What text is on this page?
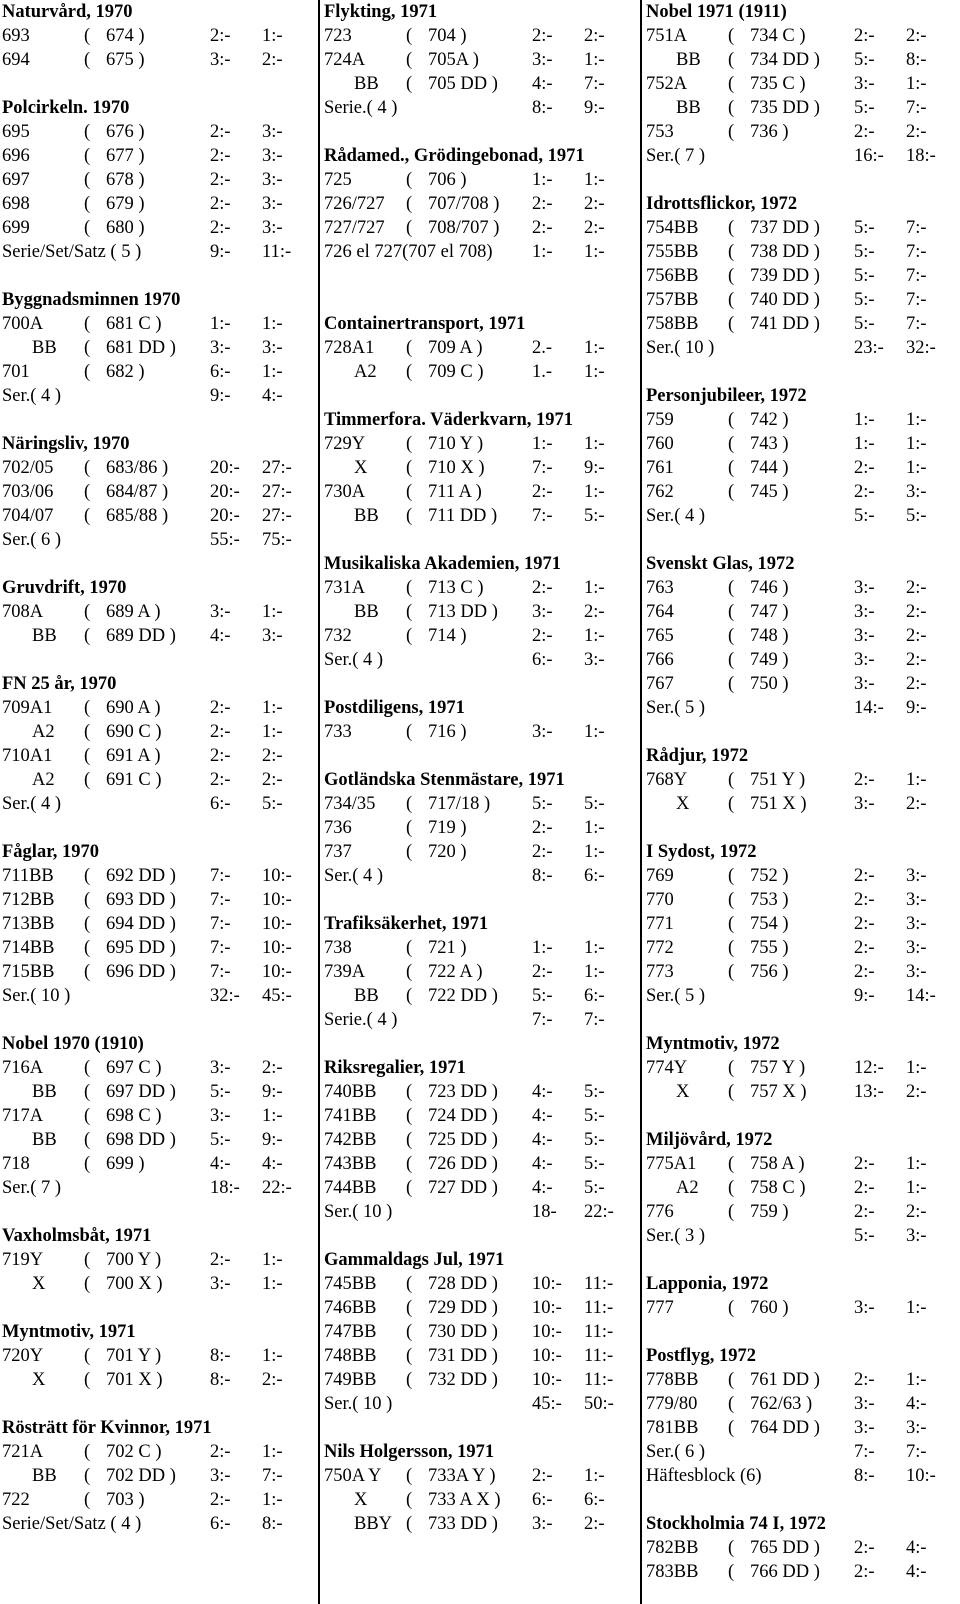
Naturvård, 1970
693	( 674 )	2:- 1:-
694	( 675 )	3:- 2:-
Polcirkeln. 1970
695	( 676 )	2:- 3:-
696	( 677 )	2:- 3:-
697	( 678 )	2:- 3:-
698	( 679 )	2:- 3:-
699	( 680 )	2:- 3:-
Serie/Set/Satz ( 5 )	9:- 11:-
Byggnadsminnen 1970
700A ( 681 C )	1:- 1:-
BB ( 681 DD ) 3:- 3:-
701	( 682 )	6:- 1:-
Ser.( 4 )	9:- 4:-
Näringsliv, 1970
702/05 ( 683/86 ) 20:- 27:-
703/06 ( 684/87 ) 20:- 27:-
704/07 ( 685/88 ) 20:- 27:-
Ser.( 6 )	55:- 75:-
Gruvdrift, 1970
708A ( 689 A )	3:- 1:-
BB ( 689 DD ) 4:- 3:-
FN 25 år, 1970
709A1 ( 690 A )	2:- 1:-
A2 ( 690 C )	2:- 1:-
710A1 ( 691 A )	2:- 2:-
A2 ( 691 C )	2:- 2:-
Ser.( 4 )	6:- 5:-
Fåglar, 1970
711BB ( 692 DD ) 7:- 10:-
712BB ( 693 DD ) 7:- 10:-
713BB ( 694 DD ) 7:- 10:-
714BB ( 695 DD ) 7:- 10:-
715BB ( 696 DD ) 7:- 10:-
Ser.( 10 )	32:- 45:-
Nobel 1970 (1910)
716A ( 697 C )	3:- 2:-
BB ( 697 DD ) 5:- 9:-
717A ( 698 C )	3:- 1:-
BB ( 698 DD ) 5:- 9:-
718	( 699 )	4:- 4:-
Ser.( 7 )	18:- 22:-
Vaxholmsbåt, 1971
719Y ( 700 Y )	2:- 1:-
X ( 700 X )	3:- 1:-
Myntmotiv, 1971
720Y ( 701 Y )	8:- 1:-
X ( 701 X )	8:- 2:-
Rösträtt för Kvinnor, 1971
721A ( 702 C )	2:- 1:-
BB ( 702 DD ) 3:- 7:-
722	( 703 )	2:- 1:-
Serie/Set/Satz ( 4 )	6:- 8:-
Flykting, 1971
723	( 704 )	2:- 2:-
724A ( 705A )	3:- 1:-
BB ( 705 DD ) 4:- 7:-
Serie.( 4 )	8:- 9:-
Rådamed., Grödingebonad, 1971
725	( 706 )	1:- 1:-
726/727 ( 707/708 ) 2:- 2:-
727/727 ( 708/707 ) 2:- 2:-
726 el 727(707 el 708) 1:- 1:-
Containertransport, 1971
728A1 ( 709 A )	2.- 1:-
A2 ( 709 C )	1.- 1:-
Timmerfora. Väderkvarn, 1971
729Y ( 710 Y )	1:- 1:-
X ( 710 X )	7:- 9:-
730A ( 711 A )	2:- 1:-
BB ( 711 DD ) 7:- 5:-
Musikaliska Akademien, 1971
731A ( 713 C )	2:- 1:-
BB ( 713 DD ) 3:- 2:-
732	( 714 )	2:- 1:-
Ser.( 4 )	6:- 3:-
Postdiligens, 1971
733	( 716 )	3:- 1:-
Gotländska Stenmästare, 1971
734/35 ( 717/18 ) 5:- 5:-
736	( 719 )	2:- 1:-
737	( 720 )	2:- 1:-
Ser.( 4 )	8:- 6:-
Trafiksäkerhet, 1971
738	( 721 )	1:- 1:-
739A ( 722 A )	2:- 1:-
BB ( 722 DD ) 5:- 6:-
Serie.( 4 )	7:- 7:-
Riksregalier, 1971
740BB ( 723 DD ) 4:- 5:-
741BB ( 724 DD ) 4:- 5:-
742BB ( 725 DD ) 4:- 5:-
743BB ( 726 DD ) 4:- 5:-
744BB ( 727 DD ) 4:- 5:-
Ser.( 10 )	18- 22:-
Gammaldags Jul, 1971
745BB ( 728 DD ) 10:- 11:-
746BB ( 729 DD ) 10:- 11:-
747BB ( 730 DD ) 10:- 11:-
748BB ( 731 DD ) 10:- 11:-
749BB ( 732 DD ) 10:- 11:-
Ser.( 10 )	45:- 50:-
Nils Holgersson, 1971
750A Y ( 733A Y ) 2:- 1:-
X ( 733 A X ) 6:- 6:-
BBY ( 733 DD ) 3:- 2:-
Nobel 1971 (1911)
751A ( 734 C )	2:- 2:-
BB ( 734 DD ) 5:- 8:-
752A ( 735 C )	3:- 1:-
BB ( 735 DD ) 5:- 7:-
753	( 736 )	2:- 2:-
Ser.( 7 )	16:- 18:-
Idrottsflickor, 1972
754BB ( 737 DD ) 5:- 7:-
755BB ( 738 DD ) 5:- 7:-
756BB ( 739 DD ) 5:- 7:-
757BB ( 740 DD ) 5:- 7:-
758BB ( 741 DD ) 5:- 7:-
Ser.( 10 )	23:- 32:-
Personjubileer, 1972
759	( 742 )	1:- 1:-
760	( 743 )	1:- 1:-
761	( 744 )	2:- 1:-
762	( 745 )	2:- 3:-
Ser.( 4 )	5:- 5:-
Svenskt Glas, 1972
763	( 746 )	3:- 2:-
764	( 747 )	3:- 2:-
765	( 748 )	3:- 2:-
766	( 749 )	3:- 2:-
767	( 750 )	3:- 2:-
Ser.( 5 )	14:- 9:-
Rådjur, 1972
768Y ( 751 Y )	2:- 1:-
X ( 751 X )	3:- 2:-
I Sydost, 1972
769	( 752 )	2:- 3:-
770	( 753 )	2:- 3:-
771	( 754 )	2:- 3:-
772	( 755 )	2:- 3:-
773	( 756 )	2:- 3:-
Ser.( 5 )	9:- 14:-
Myntmotiv, 1972
774Y ( 757 Y )	12:- 1:-
X ( 757 X )	13:- 2:-
Miljövård, 1972
775A1 ( 758 A )	2:- 1:-
A2 ( 758 C )	2:- 1:-
776	( 759 )	2:- 2:-
Ser.( 3 )	5:- 3:-
Lapponia, 1972
777	( 760 )	3:- 1:-
Postflyg, 1972
778BB ( 761 DD ) 2:- 1:-
779/80 ( 762/63 ) 3:- 4:-
781BB ( 764 DD ) 3:- 3:-
Ser.( 6 )	7:- 7:-
Häftesblock (6)	8:- 10:-
Stockholmia 74 I, 1972
782BB ( 765 DD ) 2:- 4:-
783BB ( 766 DD ) 2:- 4:-
